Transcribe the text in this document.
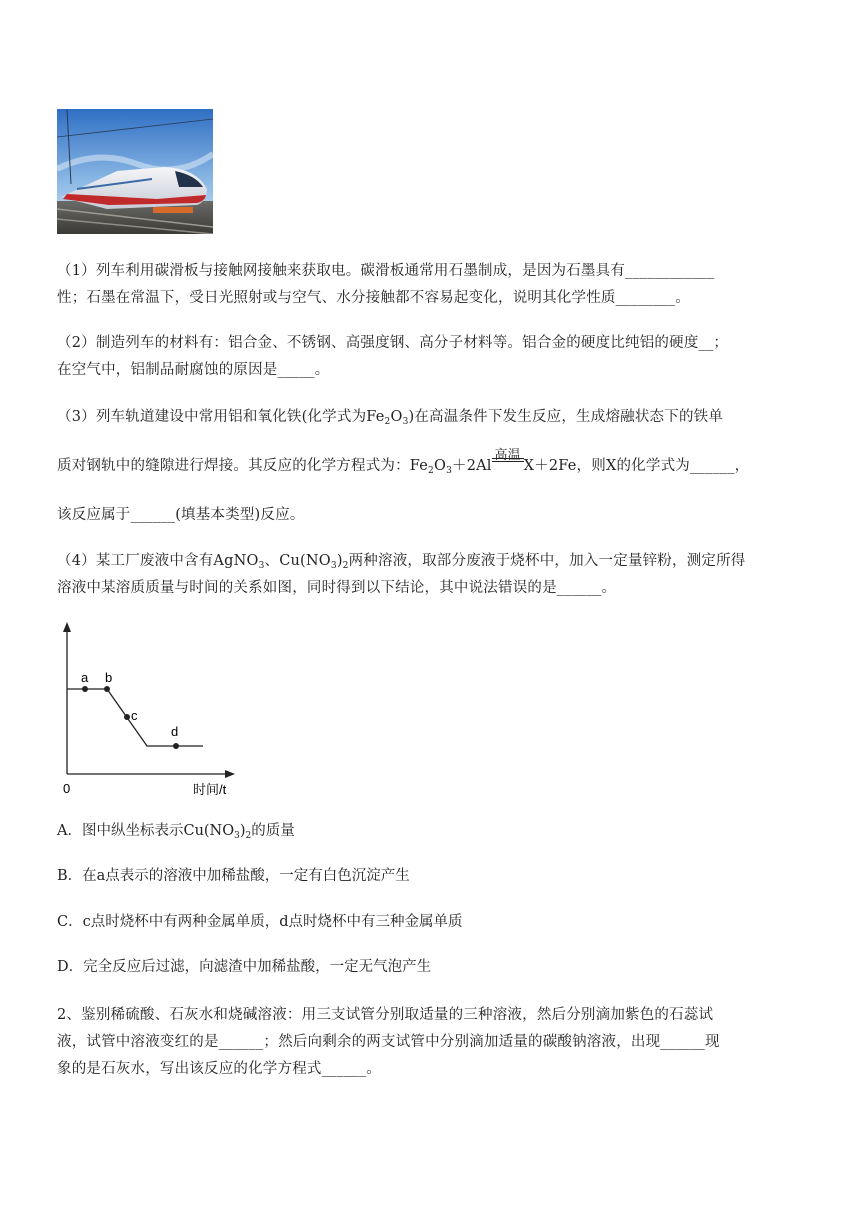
（1）列车利用碳滑板与接触网接触来获取电。碳滑板通常用石墨制成，是因为石墨具有____________

性；石墨在常温下，受日光照射或与空气、水分接触都不容易起变化，说明其化学性质________。

（2）制造列车的材料有：铝合金、不锈钢、高强度钢、高分子材料等。铝合金的硬度比纯铝的硬度__；

在空气中，铝制品耐腐蚀的原因是_____。

（3）列车轨道建设中常用铝和氧化铁(化学式为$Fe_2O_3$)在高温条件下发生反应，生成熔融状态下的铁单

质对钢轨中的缝隙进行焊接。其反应的化学方程式为：$Fe_2O_3+2Al$
高温
X＋2Fe，则X的化学式为______，

该反应属于______(填基本类型)反应。

（4）某工厂废液中含有AgNO$_3$、$Cu(NO_3)_2$两种溶液，取部分废液于烧杯中，加入一定量锌粉，测定所得

溶液中某溶质质量与时间的关系如图，同时得到以下结论，其中说法错误的是______。

a b
c
d
0	时间/t
A．图中纵坐标表示$Cu(NO_3)_2$的质量
B．在a点表示的溶液中加稀盐酸，一定有白色沉淀产生
C．c点时烧杯中有两种金属单质，d点时烧杯中有三种金属单质
D．完全反应后过滤，向滤渣中加稀盐酸，一定无气泡产生

2、鉴别稀硫酸、石灰水和烧碱溶液：用三支试管分别取适量的三种溶液，然后分别滴加紫色的石蕊试

液，试管中溶液变红的是______；然后向剩余的两支试管中分别滴加适量的碳酸钠溶液，出现______现

象的是石灰水，写出该反应的化学方程式______。
